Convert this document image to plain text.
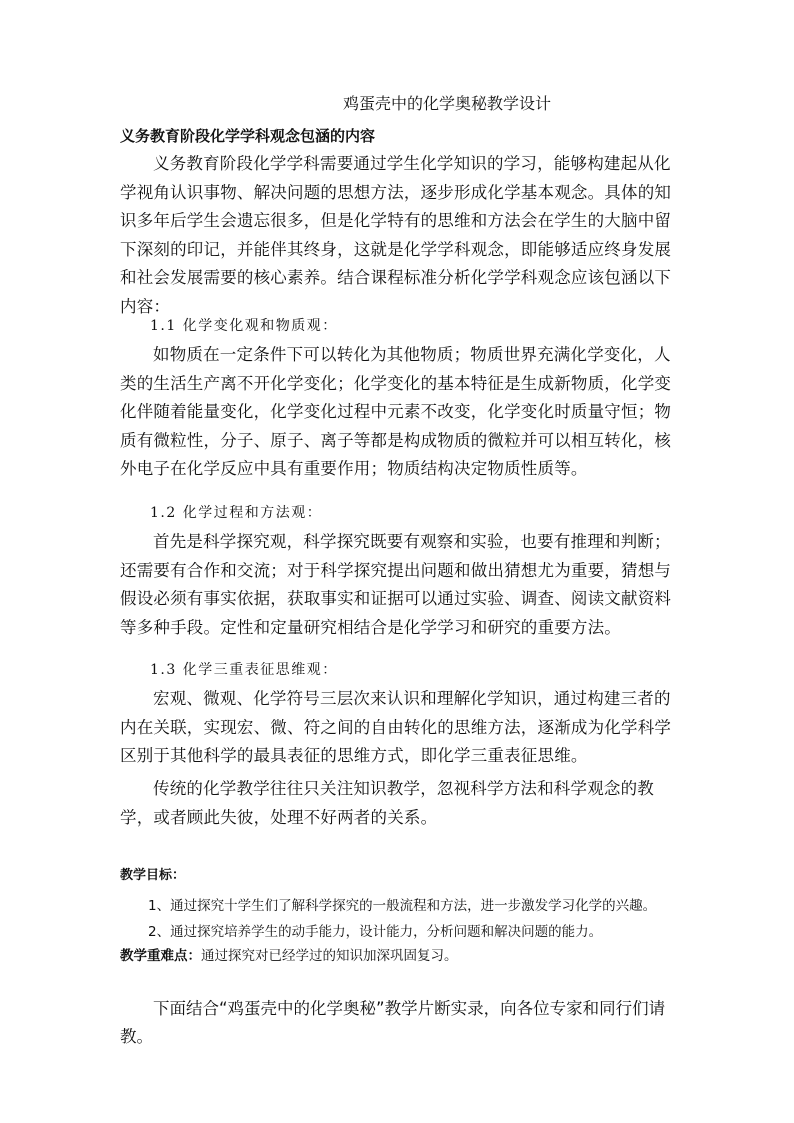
鸡蛋壳中的化学奥秘教学设计
义务教育阶段化学学科观念包涵的内容
义务教育阶段化学学科需要通过学生化学知识的学习，能够构建起从化学视角认识事物、解决问题的思想方法，逐步形成化学基本观念。具体的知识多年后学生会遗忘很多，但是化学特有的思维和方法会在学生的大脑中留下深刻的印记，并能伴其终身，这就是化学学科观念，即能够适应终身发展和社会发展需要的核心素养。结合课程标准分析化学学科观念应该包涵以下内容：
1.1 化学变化观和物质观：
如物质在一定条件下可以转化为其他物质；物质世界充满化学变化，人类的生活生产离不开化学变化；化学变化的基本特征是生成新物质，化学变化伴随着能量变化，化学变化过程中元素不改变，化学变化时质量守恒；物质有微粒性，分子、原子、离子等都是构成物质的微粒并可以相互转化，核外电子在化学反应中具有重要作用；物质结构决定物质性质等。
1.2 化学过程和方法观：
首先是科学探究观，科学探究既要有观察和实验，也要有推理和判断；还需要有合作和交流；对于科学探究提出问题和做出猜想尤为重要，猜想与假设必须有事实依据，获取事实和证据可以通过实验、调查、阅读文献资料等多种手段。定性和定量研究相结合是化学学习和研究的重要方法。
1.3 化学三重表征思维观：
宏观、微观、化学符号三层次来认识和理解化学知识，通过构建三者的内在关联，实现宏、微、符之间的自由转化的思维方法，逐渐成为化学科学区别于其他科学的最具表征的思维方式，即化学三重表征思维。
传统的化学教学往往只关注知识教学，忽视科学方法和科学观念的教学，或者顾此失彼，处理不好两者的关系。
教学目标：
1、通过探究十学生们了解科学探究的一般流程和方法，进一步激发学习化学的兴趣。
2、通过探究培养学生的动手能力，设计能力，分析问题和解决问题的能力。
教学重难点：通过探究对已经学过的知识加深巩固复习。
下面结合“鸡蛋壳中的化学奥秘”教学片断实录，向各位专家和同行们请教。
